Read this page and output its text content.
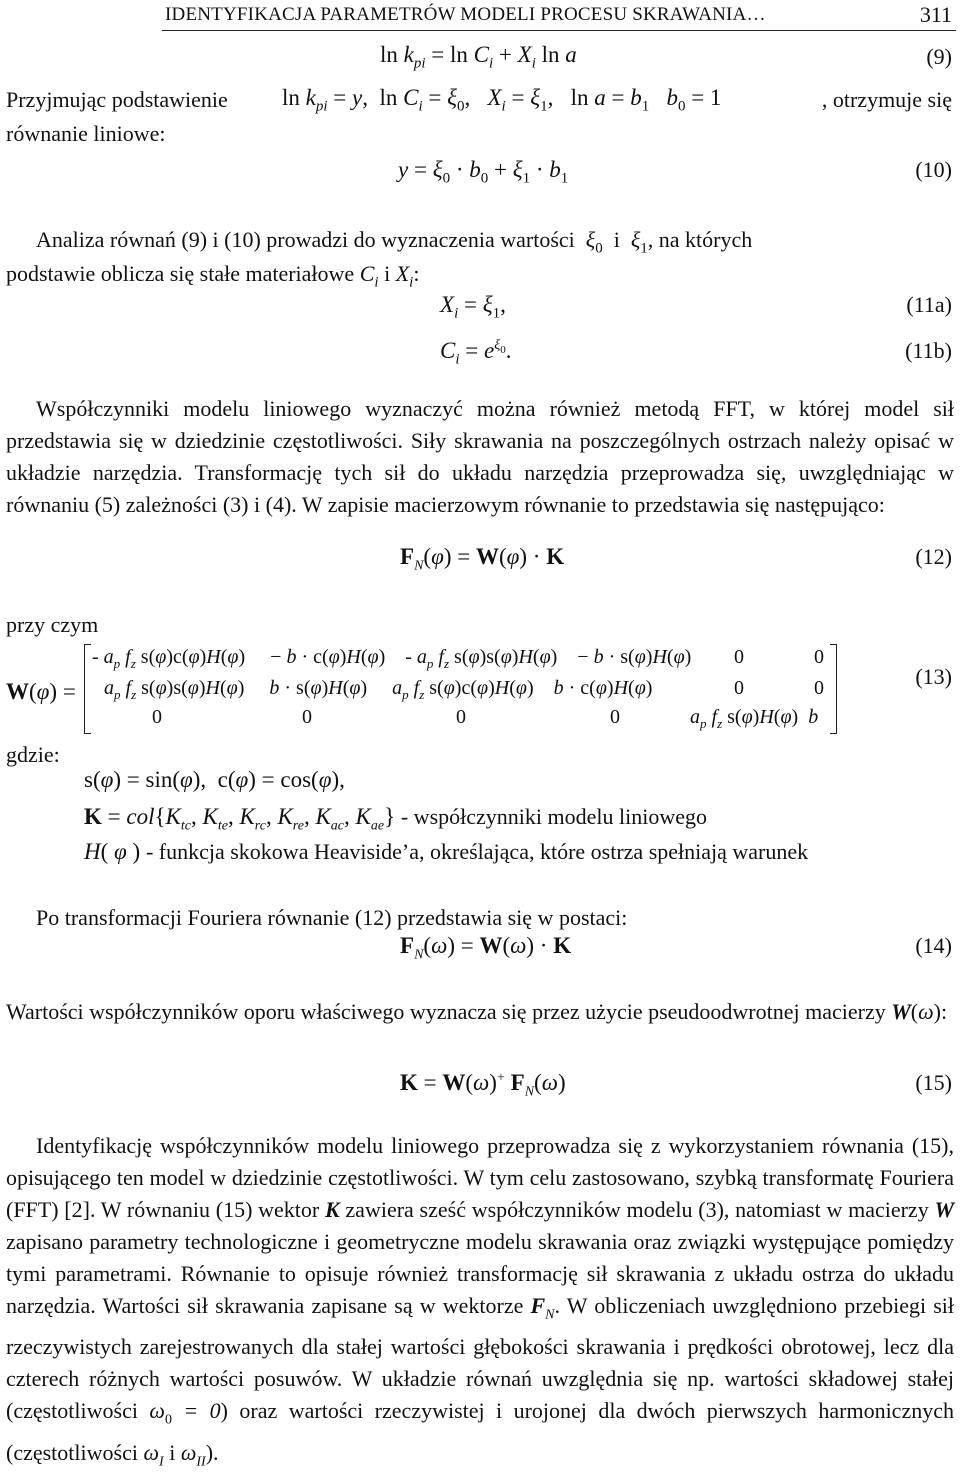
IDENTYFIKACJA PARAMETRÓW MODELI PROCESU SKRAWANIA…	311
$\ln k_{pi} = \ln C_i + X_i$ ln a	(9)
Przyjmując podstawienie $\ln k_{pi} = y$,  $\ln C_i = \xi_0$,   $X_i = \xi_1$,   $\ln a = b_1$ $b_0 = 1$	, otrzymuje się
równanie liniowe:
$y = \xi_0 \cdot b_0 + \xi_1 \cdot b_1$	(10)
Analiza równań (9) i (10) prowadzi do wyznaczenia wartości $\xi_0$ i $\xi_1$, na których
podstawie oblicza się stałe materiałowe $C_i$ i $X_i$:
$X_i = \xi_1$,	(11a)
$C_i = e^{\xi_0}$.	(11b)

Współczynniki modelu liniowego wyznaczyć można również metodą FFT, w której model sił przedstawia się w dziedzinie częstotliwości. Siły skrawania na poszczególnych ostrzach należy opisać w układzie narzędzia. Transformację tych sił do układu narzędzia przeprowadza się, uwzględniając w równaniu (5) zależności (3) i (4). W zapisie macierzowym równanie to przedstawia się następująco:

$F_N(\varphi) = W(\varphi) \cdot K$	(12)
przy czym
W(φ) =
- $a_p$ $f_z$ s(φ)c(φ)H(φ)     − b · c(φ)H(φ)    - $a_p$ $f_z$ s(φ)s(φ)H(φ)    − b · s(φ)H(φ) 0	0
$a_p$ $f_z$ s(φ)s(φ)H(φ)     b · s(φ)H(φ)     $a_p$ $f_z$ s(φ)c(φ)H(φ)    b · c(φ)H(φ)	0	0
0	0	0	0	$a_p$ $f_z$ s(φ)H(φ)  b
(13)
gdzie:
s(φ) = sin(φ),  c(φ) = cos(φ),
$K = col\{K_{tc}$, $K_{te}$, $K_{rc}$, $K_{re}$, $K_{ac}$, $K_{ae}$} - współczynniki modelu liniowego
H( φ ) - funkcja skokowa Heaviside’a, określająca, które ostrza spełniają warunek
Po transformacji Fouriera równanie (12) przedstawia się w postaci:
$F_N(\omega) = W(\omega) \cdot K$	(14)

Wartości współczynników oporu właściwego wyznacza się przez użycie pseudoodwrotnej macierzy W(ω):

K = W(ω)+ $F_N(\omega)$	(15)

Identyfikację współczynników modelu liniowego przeprowadza się z wykorzystaniem równania (15), opisującego ten model w dziedzinie częstotliwości. W tym celu zastosowano, szybką transformatę Fouriera (FFT) [2]. W równaniu (15) wektor K zawiera sześć współczynników modelu (3), natomiast w macierzy W zapisano parametry technologiczne i geometryczne modelu skrawania oraz związki występujące pomiędzy tymi parametrami. Równanie to opisuje również transformację sił skrawania z układu ostrza do układu narzędzia. Wartości sił skrawania zapisane są w wektorze $F_N$. W obliczeniach uwzględniono przebiegi sił rzeczywistych zarejestrowanych dla stałej wartości głębokości skrawania i prędkości obrotowej, lecz dla czterech różnych wartości posuwów. W układzie równań uwzględnia się np. wartości składowej stałej (częstotliwości $\omega_0 = 0$) oraz wartości rzeczywistej i urojonej dla dwóch pierwszych harmonicznych (częstotliwości $\omega_I$ i $\omega_{II}$).
